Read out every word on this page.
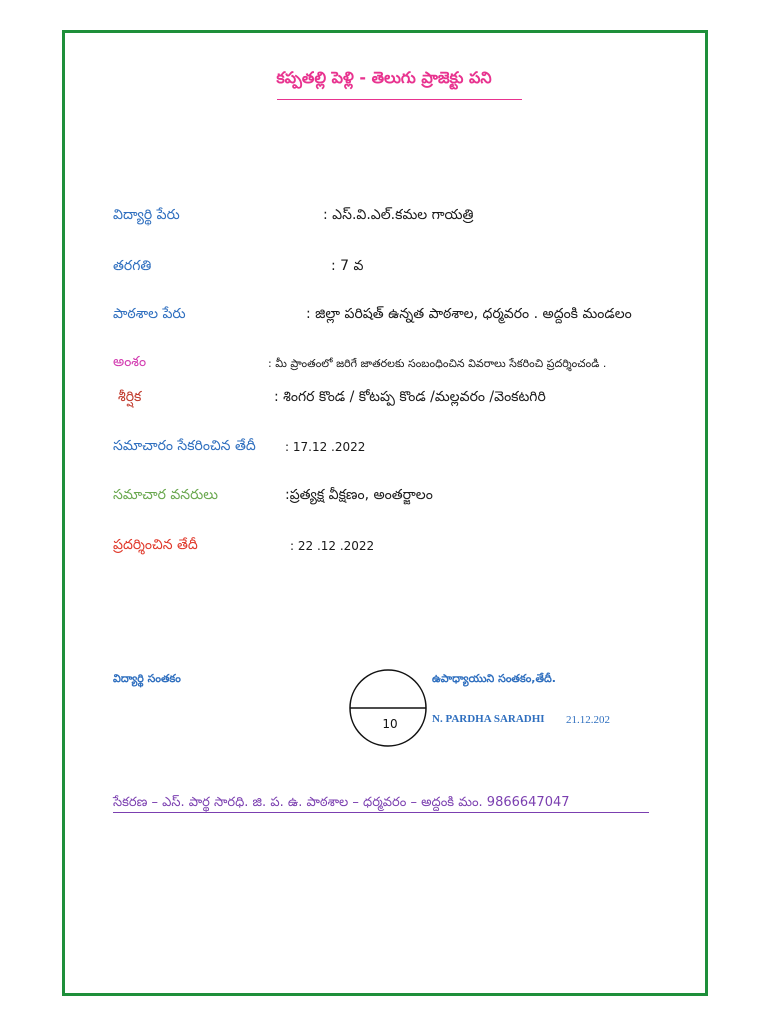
కప్పతల్లి పెళ్లి - తెలుగు ప్రాజెక్టు పని
విద్యార్థి పేరు	: ఎస్.వి.ఎల్.కమల గాయత్రి
తరగతి	: 7 వ
పాఠశాల పేరు	: జిల్లా పరిషత్ ఉన్నత పాఠశాల, ధర్మవరం . అద్దంకి మండలం
అంశం	: మీ ప్రాంతంలో జరిగే జాతరలకు సంబంధించిన వివరాలు సేకరించి ప్రదర్శించండి .
శీర్షిక	: శింగర కొండ / కోటప్ప కొండ /మల్లవరం /వెంకటగిరి
సమాచారం సేకరించిన తేదీ : 17.12 .2022
సమాచార వనరులు	:ప్రత్యక్ష వీక్షణం, అంతర్జాలం
ప్రదర్శించిన తేదీ	: 22 .12 .2022
విద్యార్థి సంతకం	ఉపాధ్యాయుని సంతకం,తేదీ.
N. PARDHA SARADHI 21.12.202
10
సేకరణ – ఎస్. పార్థ సారధి. జి. ప. ఉ. పాఠశాల – ధర్మవరం – అద్దంకి మం. 9866647047
